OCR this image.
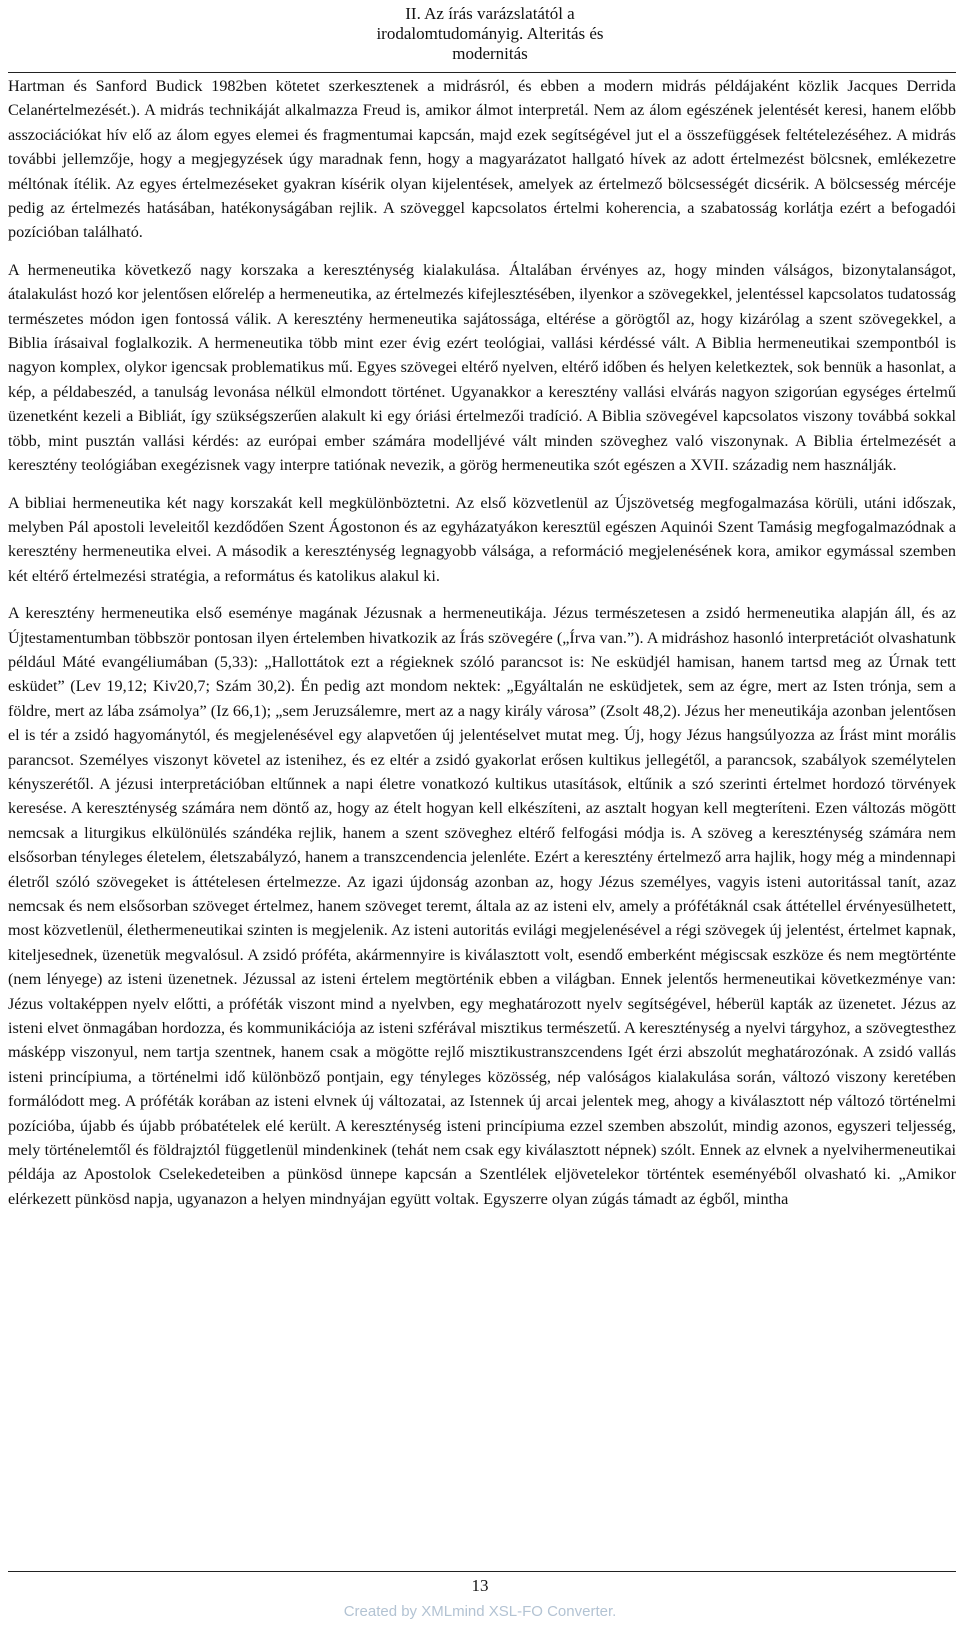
II. Az írás varázslatától a
irodalomtudományig. Alteritás és
modernitás

Hartman és Sanford Budick 1982ben kötetet szerkesztenek a midrásról, és ebben a modern midrás példájaként közlik Jacques Derrida Celanértelmezését.). A midrás technikáját alkalmazza Freud is, amikor álmot interpretál. Nem az álom egészének jelentését keresi, hanem előbb asszociációkat hív elő az álom egyes elemei és fragmentumai kapcsán, majd ezek segítségével jut el a összefüggések feltételezéséhez. A midrás további jellemzője, hogy a megjegyzések úgy maradnak fenn, hogy a magyarázatot hallgató hívek az adott értelmezést bölcsnek, emlékezetre méltónak ítélik. Az egyes értelmezéseket gyakran kísérik olyan kijelentések, amelyek az értelmező bölcsességét dicsérik. A bölcsesség mércéje pedig az értelmezés hatásában, hatékonyságában rejlik. A szöveggel kapcsolatos értelmi koherencia, a szabatosság korlátja ezért a befogadói pozícióban található.

A hermeneutika következő nagy korszaka a kereszténység kialakulása. Általában érvényes az, hogy minden válságos, bizonytalanságot, átalakulást hozó kor jelentősen előrelép a hermeneutika, az értelmezés kifejlesztésében, ilyenkor a szövegekkel, jelentéssel kapcsolatos tudatosság természetes módon igen fontossá válik. A keresztény hermeneutika sajátossága, eltérése a görögtől az, hogy kizárólag a szent szövegekkel, a Biblia írásaival foglalkozik. A hermeneutika több mint ezer évig ezért teológiai, vallási kérdéssé vált. A Biblia hermeneutikai szempontból is nagyon komplex, olykor igencsak problematikus mű. Egyes szövegei eltérő nyelven, eltérő időben és helyen keletkeztek, sok bennük a hasonlat, a kép, a példabeszéd, a tanulság levonása nélkül elmondott történet. Ugyanakkor a keresztény vallási elvárás nagyon szigorúan egységes értelmű üzenetként kezeli a Bibliát, így szükségszerűen alakult ki egy óriási értelmezői tradíció. A Biblia szövegével kapcsolatos viszony továbbá sokkal több, mint pusztán vallási kérdés: az európai ember számára modelljévé vált minden szöveghez való viszonynak. A Biblia értelmezését a keresztény teológiában exegézisnek vagy interpre tatiónak nevezik, a görög hermeneutika szót egészen a XVII. századig nem használják.

A bibliai hermeneutika két nagy korszakát kell megkülönböztetni. Az első közvetlenül az Újszövetség megfogalmazása körüli, utáni időszak, melyben Pál apostoli leveleitől kezdődően Szent Ágostonon és az egyházatyákon keresztül egészen Aquinói Szent Tamásig megfogalmazódnak a keresztény hermeneutika elvei. A második a kereszténység legnagyobb válsága, a reformáció megjelenésének kora, amikor egymással szemben két eltérő értelmezési stratégia, a református és katolikus alakul ki.

A keresztény hermeneutika első eseménye magának Jézusnak a hermeneutikája. Jézus természetesen a zsidó hermeneutika alapján áll, és az Újtestamentumban többször pontosan ilyen értelemben hivatkozik az Írás szövegére („Írva van.”). A midráshoz hasonló interpretációt olvashatunk például Máté evangéliumában (5,33): „Hallottátok ezt a régieknek szóló parancsot is: Ne esküdjél hamisan, hanem tartsd meg az Úrnak tett esküdet” (Lev 19,12; Kiv20,7; Szám 30,2). Én pedig azt mondom nektek: „Egyáltalán ne esküdjetek, sem az égre, mert az Isten trónja, sem a földre, mert az lába zsámolya” (Iz 66,1); „sem Jeruzsálemre, mert az a nagy király városa” (Zsolt 48,2). Jézus her meneutikája azonban jelentősen el is tér a zsidó hagyománytól, és megjelenésével egy alapvetően új jelentéselvet mutat meg. Új, hogy Jézus hangsúlyozza az Írást mint morális parancsot. Személyes viszonyt követel az istenihez, és ez eltér a zsidó gyakorlat erősen kultikus jellegétől, a parancsok, szabályok személytelen kényszerétől. A jézusi interpretációban eltűnnek a napi életre vonatkozó kultikus utasítások, eltűnik a szó szerinti értelmet hordozó törvények keresése. A kereszténység számára nem döntő az, hogy az ételt hogyan kell elkészíteni, az asztalt hogyan kell megteríteni. Ezen változás mögött nemcsak a liturgikus elkülönülés szándéka rejlik, hanem a szent szöveghez eltérő felfogási módja is. A szöveg a kereszténység számára nem elsősorban tényleges életelem, életszabályzó, hanem a transzcendencia jelenléte. Ezért a keresztény értelmező arra hajlik, hogy még a mindennapi életről szóló szövegeket is áttételesen értelmezze. Az igazi újdonság azonban az, hogy Jézus személyes, vagyis isteni autoritással tanít, azaz nemcsak és nem elsősorban szöveget értelmez, hanem szöveget teremt, általa az az isteni elv, amely a prófétáknál csak áttétellel érvényesülhetett, most közvetlenül, élethermeneutikai szinten is megjelenik. Az isteni autoritás evilági megjelenésével a régi szövegek új jelentést, értelmet kapnak, kiteljesednek, üzenetük megvalósul. A zsidó próféta, akármennyire is kiválasztott volt, esendő emberként mégiscsak eszköze és nem megtörténte (nem lényege) az isteni üzenetnek. Jézussal az isteni értelem megtörténik ebben a világban. Ennek jelentős hermeneutikai következménye van: Jézus voltaképpen nyelv előtti, a próféták viszont mind a nyelvben, egy meghatározott nyelv segítségével, héberül kapták az üzenetet. Jézus az isteni elvet önmagában hordozza, és kommunikációja az isteni szférával misztikus természetű. A kereszténység a nyelvi tárgyhoz, a szövegtesthez másképp viszonyul, nem tartja szentnek, hanem csak a mögötte rejlő misztikustranszcendens Igét érzi abszolút meghatározónak. A zsidó vallás isteni princípiuma, a történelmi idő különböző pontjain, egy tényleges közösség, nép valóságos kialakulása során, változó viszony keretében formálódott meg. A próféták korában az isteni elvnek új változatai, az Istennek új arcai jelentek meg, ahogy a kiválasztott nép változó történelmi pozícióba, újabb és újabb próbatételek elé került. A kereszténység isteni princípiuma ezzel szemben abszolút, mindig azonos, egyszeri teljesség, mely történelemtől és földrajztól függetlenül mindenkinek (tehát nem csak egy kiválasztott népnek) szólt. Ennek az elvnek a nyelvihermeneutikai példája az Apostolok Cselekedeteiben a pünkösd ünnepe kapcsán a Szentlélek eljövetelekor történtek eseményéből olvasható ki. „Amikor elérkezett pünkösd napja, ugyanazon a helyen mindnyájan együtt voltak. Egyszerre olyan zúgás támadt az égből, mintha

13
Created by XMLmind XSL-FO Converter.
